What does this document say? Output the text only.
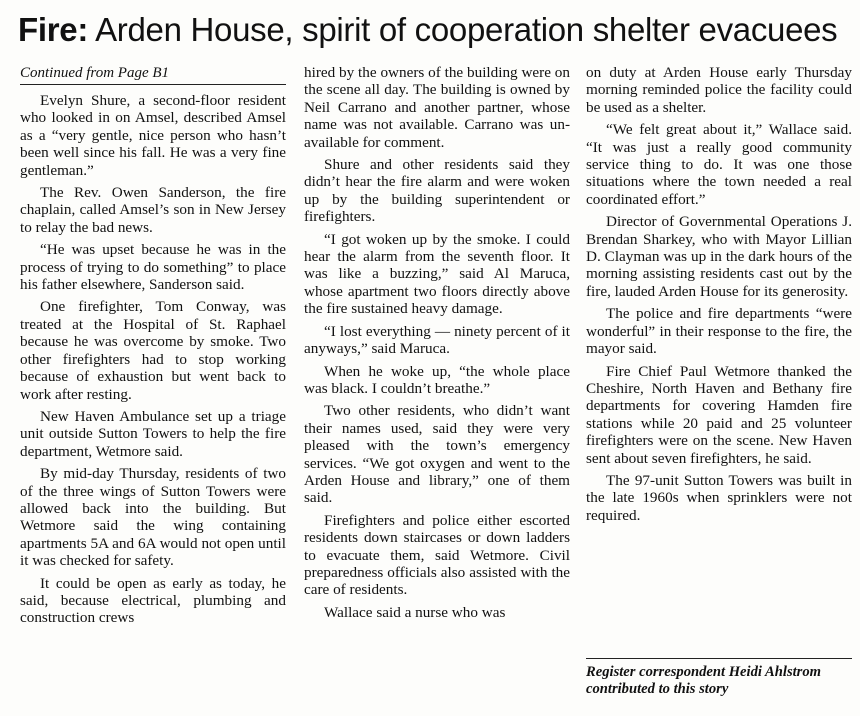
Fire: Arden House, spirit of cooperation shelter evacuees
Continued from Page B1

Evelyn Shure, a second-floor resident who looked in on Amsel, described Amsel as a “very gentle, nice person who hasn’t been well since his fall. He was a very fine gentleman.”

The Rev. Owen Sanderson, the fire chaplain, called Amsel’s son in New Jersey to relay the bad news.

“He was upset because he was in the process of trying to do something” to place his father elsewhere, Sanderson said.

One firefighter, Tom Conway, was treated at the Hospital of St. Raphael because he was overcome by smoke. Two other firefighters had to stop working because of exhaustion but went back to work after resting.

New Haven Ambulance set up a triage unit outside Sutton Towers to help the fire department, Wetmore said.

By mid-day Thursday, residents of two of the three wings of Sutton Towers were allowed back into the building. But Wetmore said the wing containing apartments 5A and 6A would not open until it was checked for safety.

It could be open as early as today, he said, because electrical, plumbing and construction crews

hired by the owners of the building were on the scene all day. The building is owned by Neil Carrano and another partner, whose name was not available. Carrano was unavailable for comment.

Shure and other residents said they didn’t hear the fire alarm and were woken up by the building superintendent or firefighters.

“I got woken up by the smoke. I could hear the alarm from the seventh floor. It was like a buzzing,” said Al Maruca, whose apartment two floors directly above the fire sustained heavy damage.

“I lost everything — ninety percent of it anyways,” said Maruca.

When he woke up, “the whole place was black. I couldn’t breathe.”

Two other residents, who didn’t want their names used, said they were very pleased with the town’s emergency services. “We got oxygen and went to the Arden House and library,” one of them said.

Firefighters and police either escorted residents down staircases or down ladders to evacuate them, said Wetmore. Civil preparedness officials also assisted with the care of residents.

Wallace said a nurse who was

on duty at Arden House early Thursday morning reminded police the facility could be used as a shelter.

“We felt great about it,” Wallace said. “It was just a really good community service thing to do. It was one those situations where the town needed a real coordinated effort.”

Director of Governmental Operations J. Brendan Sharkey, who with Mayor Lillian D. Clayman was up in the dark hours of the morning assisting residents cast out by the fire, lauded Arden House for its generosity.

The police and fire departments “were wonderful” in their response to the fire, the mayor said.

Fire Chief Paul Wetmore thanked the Cheshire, North Haven and Bethany fire departments for covering Hamden fire stations while 20 paid and 25 volunteer firefighters were on the scene. New Haven sent about seven firefighters, he said.

The 97-unit Sutton Towers was built in the late 1960s when sprinklers were not required.

Register correspondent Heidi Ahlstrom contributed to this story
